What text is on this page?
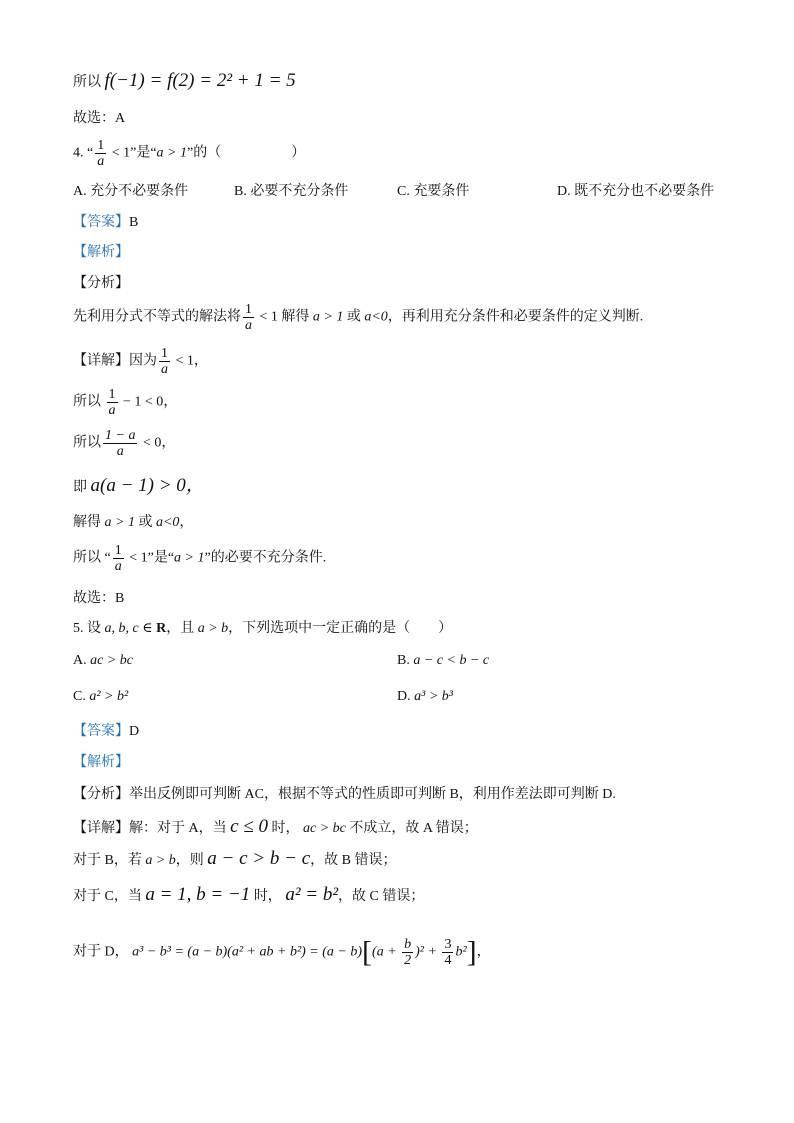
所以 f(−1) = f(2) = 2² + 1 = 5
故选：A
4. “ $\frac{1}{a} < 1$”是“a > 1”的（　　　　　）
A. 充分不必要条件	B. 必要不充分条件	C. 充要条件	D. 既不充分也不必要条件
【答案】B
【解析】
【分析】
先利用分式不等式的解法将 $\frac{1}{a} < 1$ 解得 a > 1 或 a<0，再利用充分条件和必要条件的定义判断.
【详解】因为 $\frac{1}{a} < 1$，
所以 $\frac{1}{a} - 1 < 0$，
所以 $\frac{1 - a}{a} < 0$，
即 a(a − 1) > 0，
解得 a > 1 或 a<0，
所以 “ $\frac{1}{a} < 1$”是“a > 1”的必要不充分条件.
故选：B
5. 设 a, b, c ∈ R，且 a > b，下列选项中一定正确的是（　　）
A. ac > bc	B. a − c < b − c
C. a² > b²	D. a³ > b³
【答案】D
【解析】
【分析】举出反例即可判断 AC，根据不等式的性质即可判断 B，利用作差法即可判断 D.
【详解】解：对于 A，当 c ≤ 0 时， ac > bc 不成立，故 A 错误；
对于 B，若 a > b，则 a − c > b − c，故 B 错误；
对于 C，当 a = 1, b = −1 时， a² = b²，故 C 错误；
对于 D， a³ − b³ = (a − b)(a² + ab + $b^2) = (a - b)[(a + \frac{b}{2} )^2 + \frac{3}{4} b^2]$，
